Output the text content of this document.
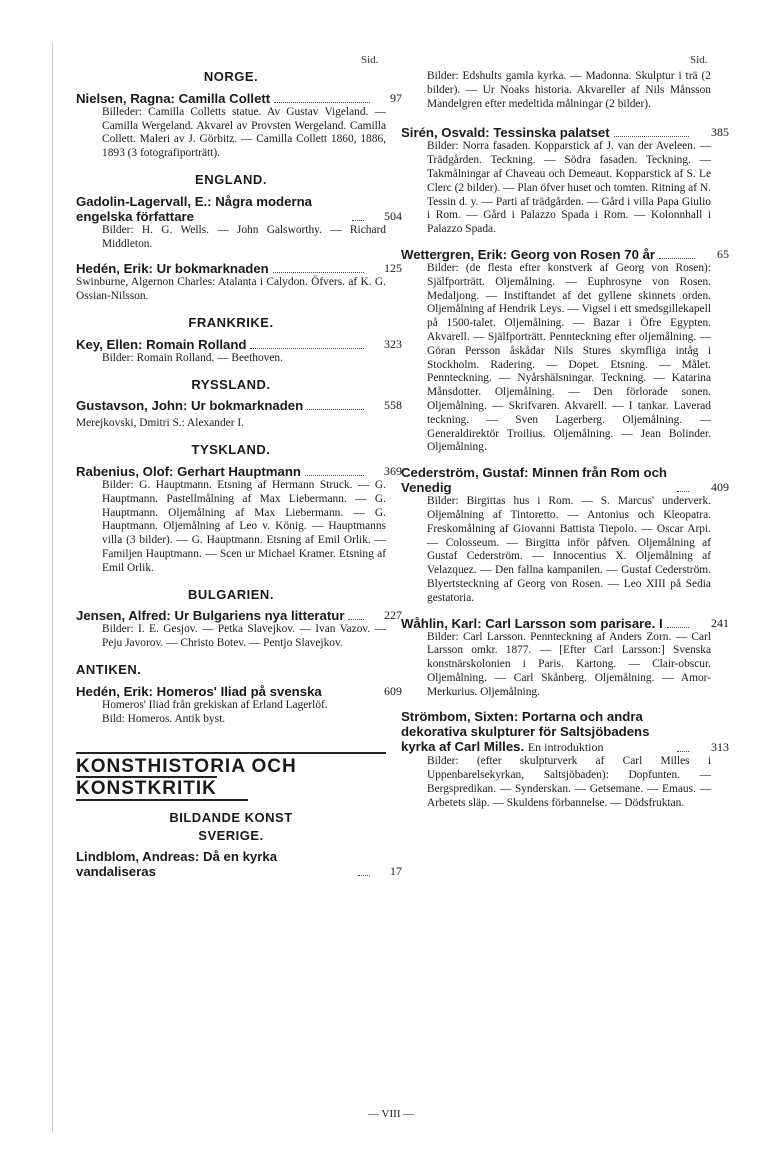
Sid.	Sid.
NORGE.
Nielsen, Ragna: Camilla Collett	97

Billeder: Camilla Colletts statue. Av Gustav Vigeland. — Camilla Wergeland. Akvarel av Provsten Wergeland. Camilla Collett. Maleri av J. Görbitz. — Camilla Collett 1860, 1886, 1893 (3 fotografiporträtt).

ENGLAND.
Gadolin-Lagervall, E.: Några moderna engelska författare	504

Bilder: H. G. Wells. — John Galsworthy. — Richard Middleton.

Hedén, Erik: Ur bokmarknaden	125

Swinburne, Algernon Charles: Atalanta i Calydon. Öfvers. af K. G. Ossian-Nilsson.

FRANKRIKE.
Key, Ellen: Romain Rolland	323

Bilder: Romain Rolland. — Beethoven.

RYSSLAND.
Gustavson, John: Ur bokmarknaden	558

Merejkovski, Dmitri S.: Alexander I.

TYSKLAND.
Rabenius, Olof: Gerhart Hauptmann	369

Bilder: G. Hauptmann. Etsning af Hermann Struck. — G. Hauptmann. Pastellmålning af Max Liebermann. — G. Hauptmann. Oljemålning af Max Liebermann. — G. Hauptmann. Oljemålning af Leo v. König. — Hauptmanns villa (3 bilder). — G. Hauptmann. Etsning af Emil Orlik. — Familjen Hauptmann. — Scen ur Michael Kramer. Etsning af Emil Orlik.

BULGARIEN.
Jensen, Alfred: Ur Bulgariens nya litteratur	227

Bilder: I. E. Gesjov. — Petka Slavejkov. — Ivan Vazov. — Peju Javorov. — Christo Botev. — Pentjo Slavejkov.

ANTIKEN.
Hedén, Erik: Homeros' Iliad på svenska	609

Homeros' Iliad från grekiskan af Erland Lagerlöf.

Bild: Homeros. Antik byst.

KONSTHISTORIA OCH
KONSTKRITIK
BILDANDE KONST
SVERIGE.
Lindblom, Andreas: Då en kyrka vandaliseras	17

Bilder: Edshults gamla kyrka. — Madonna. Skulptur i trä (2 bilder). — Ur Noaks historia. Akvareller af Nils Månsson Mandelgren efter medeltida målningar (2 bilder).

Sirén, Osvald: Tessinska palatset	385

Bilder: Norra fasaden. Kopparstick af J. van der Aveleen. — Trädgården. Teckning. — Södra fasaden. Teckning. — Takmålningar af Chaveau och Demeaut. Kopparstick af S. Le Clerc (2 bilder). — Plan öfver huset och tomten. Ritning af N. Tessin d. y. — Parti af trädgården. — Gård i villa Papa Giulio i Rom. — Gård i Palazzo Spada i Rom. — Kolonnhall i Palazzo Spada.

Wettergren, Erik: Georg von Rosen 70 år	65

Bilder: (de flesta efter konstverk af Georg von Rosen): Själfporträtt. Oljemålning. — Euphrosyne von Rosen. Medaljong. — Instiftandet af det gyllene skinnets orden. Oljemålning af Hendrik Leys. — Vigsel i ett smedsgillekapell på 1500-talet. Oljemålning. — Bazar i Öfre Egypten. Akvarell. — Själfporträtt. Pennteckning efter oljemålning. — Göran Persson åskådar Nils Stures skymfliga intåg i Stockholm. Radering. — Dopet. Etsning. — Målet. Pennteckning. — Nyårshälsningar. Teckning. — Katarina Månsdotter. Oljemålning. — Den förlorade sonen. Oljemålning. — Skrifvaren. Akvarell. — I tankar. Laverad teckning. — Sven Lagerberg. Oljemålning. — Generaldirektör Troilius. Oljemålning. — Jean Bolinder. Oljemålning.

Cederström, Gustaf: Minnen från Rom och Venedig	409

Bilder: Birgittas hus i Rom. — S. Marcus' underverk. Oljemålning af Tintoretto. — Antonius och Kleopatra. Freskomålning af Giovanni Battista Tiepolo. — Oscar Arpi. — Colosseum. — Birgitta inför påfven. Oljemålning af Gustaf Cederström. — Innocentius X. Oljemålning af Velazquez. — Den fallna kampanilen. — Gustaf Cederström. Blyertsteckning af Georg von Rosen. — Leo XIII på Sedia gestatoria.

Wåhlin, Karl: Carl Larsson som parisare. I	241

Bilder: Carl Larsson. Pennteckning af Anders Zorn. — Carl Larsson omkr. 1877. — [Efter Carl Larsson:] Svenska konstnärskolonien i Paris. Kartong. — Clair-obscur. Oljemålning. — Carl Skånberg. Oljemålning. — Amor-Merkurius. Oljemålning.

Strömbom, Sixten: Portarna och andra dekorativa skulpturer för Saltsjöbadens kyrka af Carl Milles. En introduktion	313

Bilder: (efter skulpturverk af Carl Milles i Uppenbarelsekyrkan, Saltsjöbaden): Dopfunten. — Bergspredikan. — Synderskan. — Getsemane. — Emaus. — Arbetets släp. — Skuldens förbannelse. — Dödsfruktan.

— VIII —
